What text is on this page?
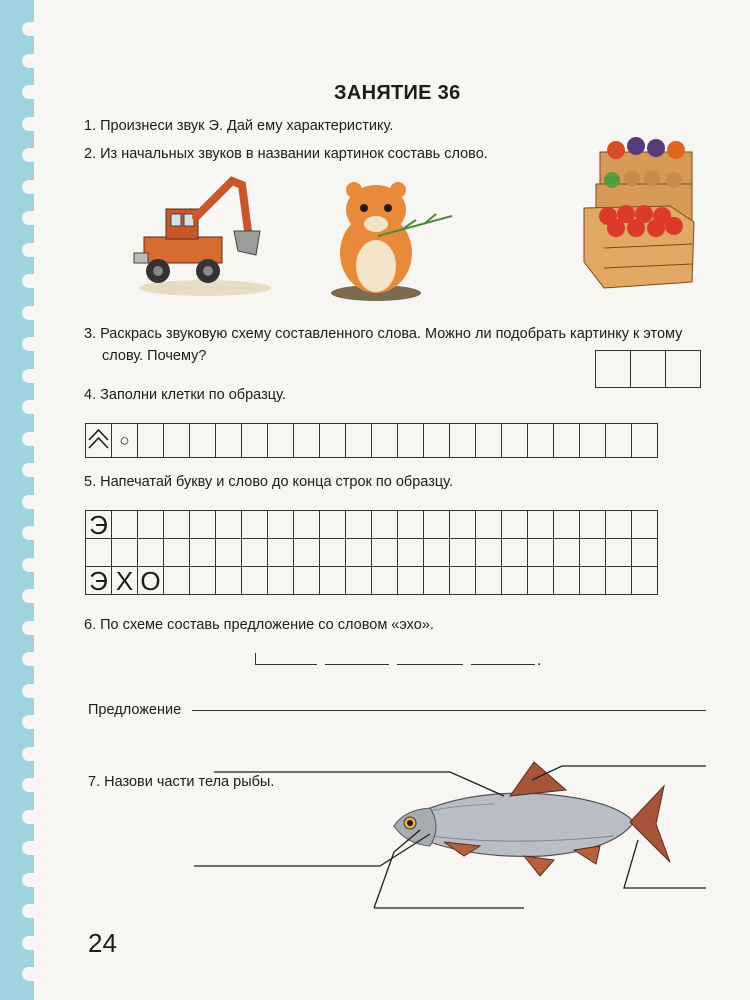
ЗАНЯТИЕ 36
1. Произнеси звук Э. Дай ему характеристику.
2. Из начальных звуков в названии картинок составь слово.
3. Раскрась звуковую схему составленного слова. Можно ли подобрать картинку к этому
слову. Почему?

4. Заполни клетки по образцу.

○

5. Напечатай букву и слово до конца строк по образцу.
Э																					

Э	Х	О																			
6. По схеме составь предложение со словом «эхо».
.
Предложение
7. Назови части тела рыбы.
24
